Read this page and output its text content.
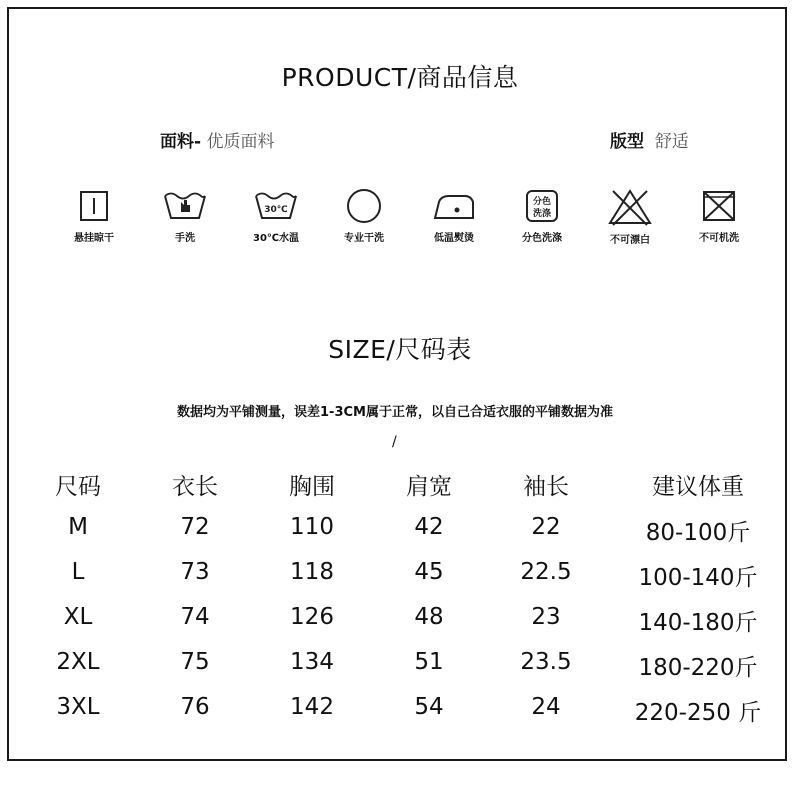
PRODUCT/商品信息
面料- 优质面料	版型 舒适
悬挂晾干	手洗
30℃
30℃水温	专业干洗	低温熨烫
分色
洗涤
分色洗涤	不可漂白	不可机洗
SIZE/尺码表
数据均为平铺测量，误差1-3CM属于正常，以自己合适衣服的平铺数据为准
/
尺码	衣长	胸围	肩宽	袖长	建议体重
M	72	110	42	22	80-100斤
L	73	118	45	22.5	100-140斤
XL	74	126	48	23	140-180斤
2XL	75	134	51	23.5	180-220斤
3XL	76	142	54	24	220-250 斤
